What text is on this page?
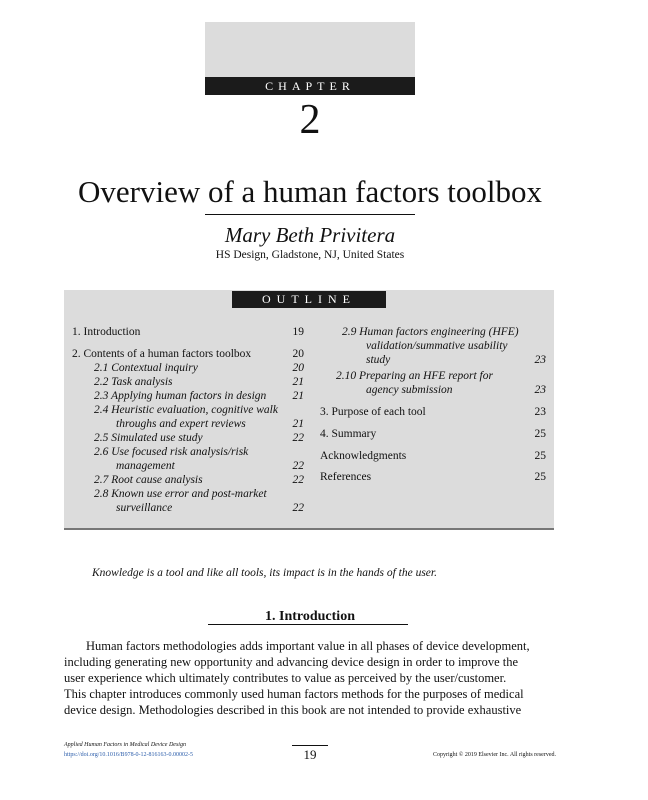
CHAPTER
2
Overview of a human factors toolbox
Mary Beth Privitera
HS Design, Gladstone, NJ, United States
OUTLINE
1. Introduction	19
2. Contents of a human factors toolbox	20
2.1 Contextual inquiry	20
2.2 Task analysis	21
2.3 Applying human factors in design 21
2.4 Heuristic evaluation, cognitive walk
throughs and expert reviews	21
2.5 Simulated use study	22
2.6 Use focused risk analysis/risk
management	22
2.7 Root cause analysis	22
2.8 Known use error and post-market
surveillance	22
2.9 Human factors engineering (HFE)
validation/summative usability
study	23
2.10 Preparing an HFE report for
agency submission	23
3. Purpose of each tool	23
4. Summary	25
Acknowledgments	25
References	25
Knowledge is a tool and like all tools, its impact is in the hands of the user.
1. Introduction
Human factors methodologies adds important value in all phases of device development,
including generating new opportunity and advancing device design in order to improve the
user experience which ultimately contributes to value as perceived by the user/customer.
This chapter introduces commonly used human factors methods for the purposes of medical
device design. Methodologies described in this book are not intended to provide exhaustive
Applied Human Factors in Medical Device Design
https://doi.org/10.1016/B978-0-12-816163-0.00002-5	19	Copyright © 2019 Elsevier Inc. All rights reserved.
